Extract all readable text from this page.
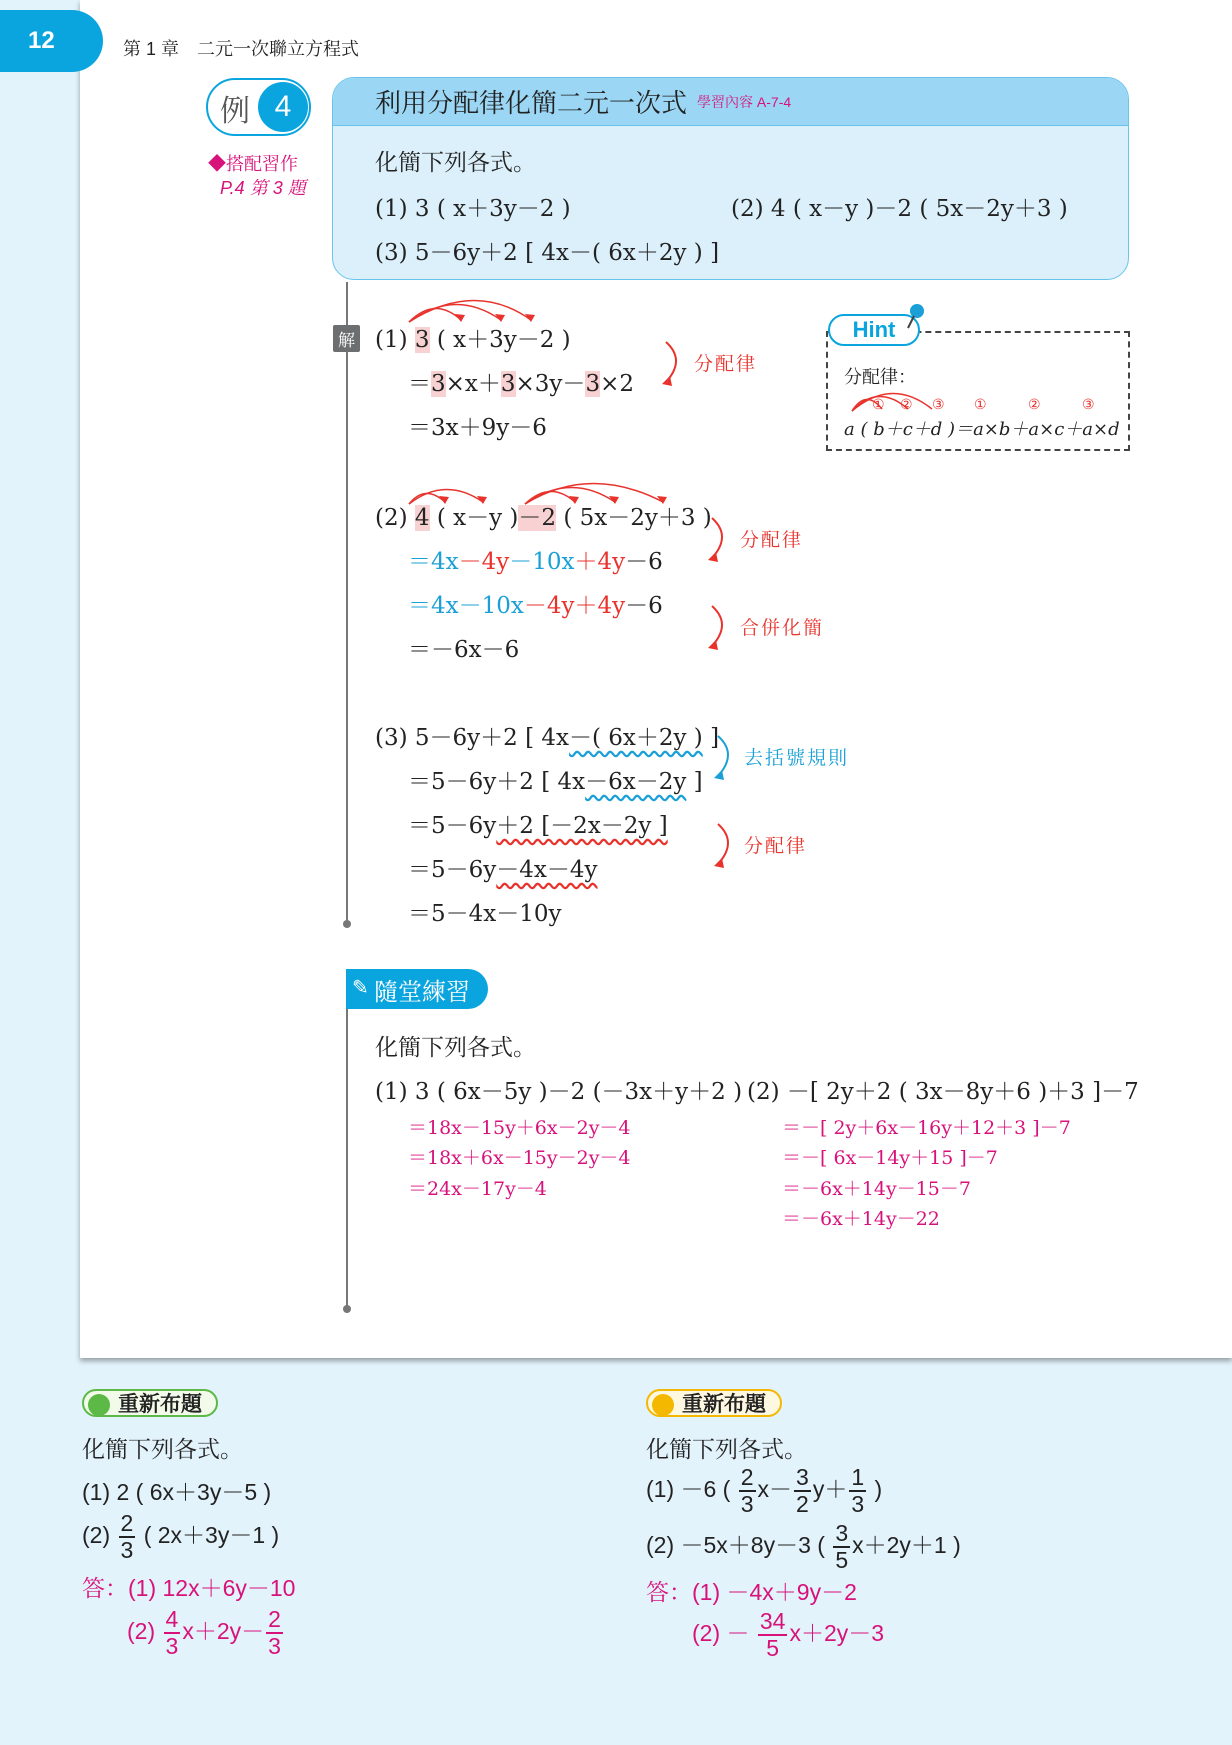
12	第 1 章　二元一次聯立方程式
例 4
◆搭配習作
P.4 第 3 題
利用分配律化簡二元一次式 學習內容 A-7-4
化簡下列各式。
(1) 3 ( x＋3y－2 )	(2) 4 ( x－y )－2 ( 5x－2y＋3 )
(3) 5－6y＋2 [ 4x－( 6x＋2y ) ]
解 (1) 3 ( x＋3y－2 )
＝3×x＋3×3y－3×2
＝3x＋9y－6
分配律
分配律：
① ② ③ ①	②	③
a ( b＋c＋d )＝a×b＋a×c＋a×d
Hint
(2) 4 ( x－y )－2 ( 5x－2y＋3 )
＝4x－4y－10x＋4y－6
＝4x－10x－4y＋4y－6
＝－6x－6
分配律
合併化簡
(3) 5－6y＋2 [ 4x－( 6x＋2y ) ]
＝5－6y＋2 [ 4x－6x－2y ]
＝5－6y＋2 [－2x－2y ]
＝5－6y－4x－4y
＝5－4x－10y
去括號規則
分配律
✎ 隨堂練習
化簡下列各式。
(1) 3 ( 6x－5y )－2 (－3x＋y＋2 ) (2) －[ 2y＋2 ( 3x－8y＋6 )＋3 ]－7
＝18x－15y＋6x－2y－4
＝18x＋6x－15y－2y－4
＝24x－17y－4
＝－[ 2y＋6x－16y＋12＋3 ]－7
＝－[ 6x－14y＋15 ]－7
＝－6x＋14y－15－7
＝－6x＋14y－22
重新布題
化簡下列各式。
(1) 2 ( 6x＋3y－5 )
$(2) \frac{2}{3}$ ( 2x＋3y－1 )
答：(1) 12x＋6y－10
$(2) \frac{4}{3} x+2y- \frac{2}{3}$
重新布題
化簡下列各式。
(1) －6 ( $\frac{2}{3} x- \frac{3}{2} y+ \frac{1}{3}$ )
(2) －5x＋8y－3 ( $\frac{3}{5} x+2y+1$ )
答：(1) －4x＋9y－2
$(2) - \frac{34}{5} x+2y-3$
